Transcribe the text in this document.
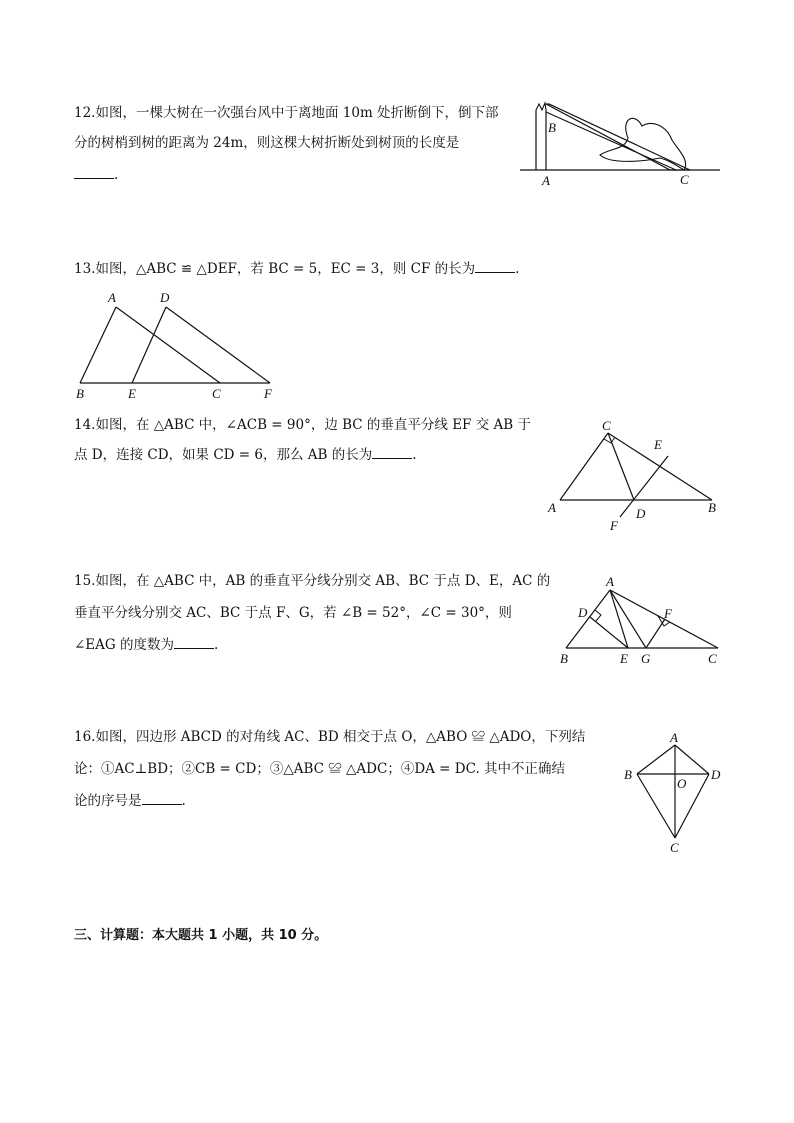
12.如图，一棵大树在一次强台风中于离地面 10m 处折断倒下，倒下部
分的树梢到树的距离为 24m，则这棵大树折断处到树顶的长度是
.	A
B
C
13.如图，△ABC ≌ △DEF，若 BC = 5，EC = 3，则 CF 的长为	.
A	D
B	E	C	F
14.如图，在 △ABC 中，∠ACB = 90°，边 BC 的垂直平分线 EF 交 AB 于
点 D，连接 CD，如果 CD = 6，那么 AB 的长为	.
C
E
A	D	B
F
15.如图，在 △ABC 中，AB 的垂直平分线分别交 AB、BC 于点 D、E，AC 的
垂直平分线分别交 AC、BC 于点 F、G，若 ∠B = 52°，∠C = 30°，则
∠EAG 的度数为	.
A
D	F
B	E G	C
16.如图，四边形 ABCD 的对角线 AC、BD 相交于点 O，△ABO ≌ △ADO，下列结
论：①AC⊥BD；②CB = CD；③△ABC ≌ △ADC；④DA = DC. 其中不正确结
论的序号是	.
A
B
O
D
C
三、计算题：本大题共 1 小题，共 10 分。
